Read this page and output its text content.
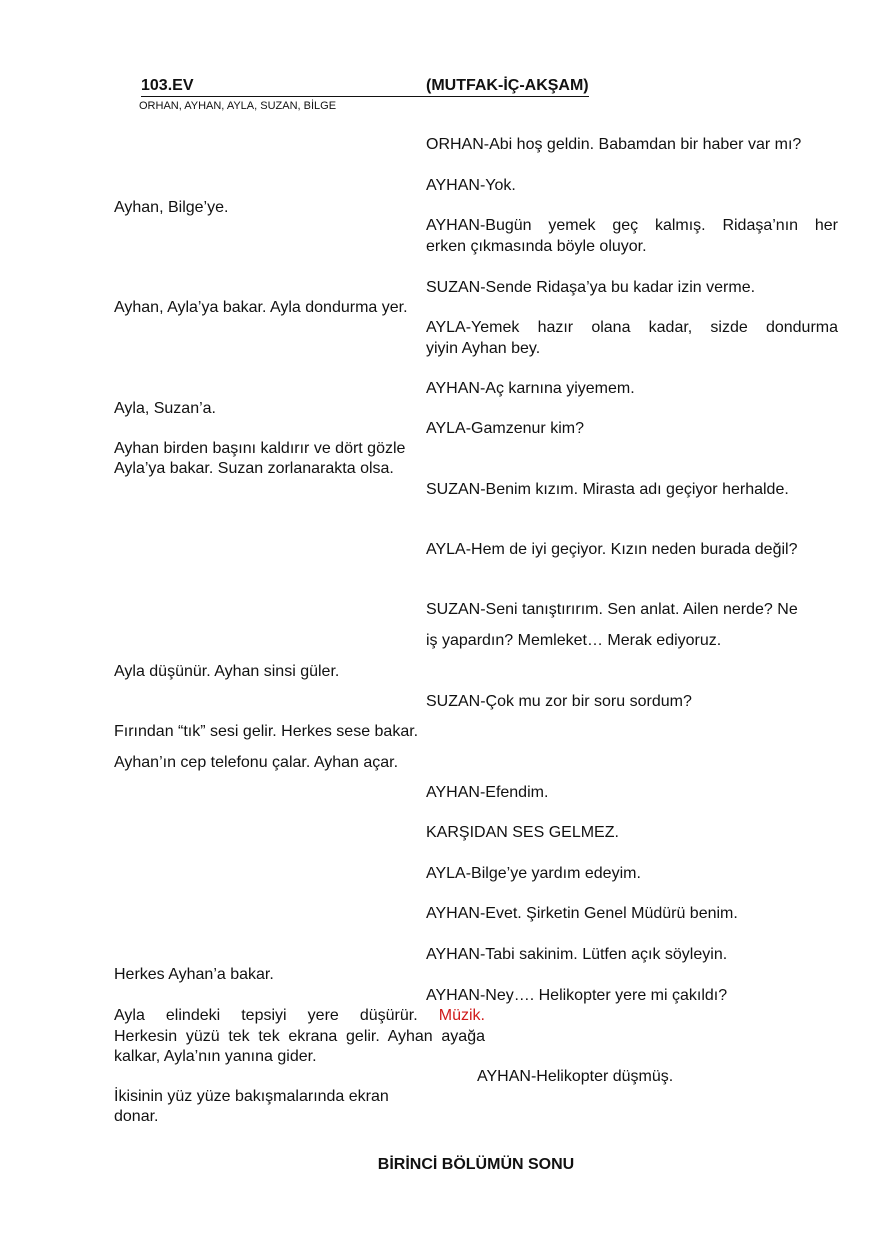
103.EV	(MUTFAK-İÇ-AKŞAM)
ORHAN, AYHAN, AYLA, SUZAN, BİLGE
ORHAN-Abi hoş geldin. Babamdan bir haber var mı?
AYHAN-Yok.
AYHAN-Bugün yemek geç kalmış. Ridaşa’nın her
erken çıkmasında böyle oluyor.
SUZAN-Sende Ridaşa’ya bu kadar izin verme.
AYLA-Yemek hazır olana kadar, sizde dondurma
yiyin Ayhan bey.
AYHAN-Aç karnına yiyemem.
AYLA-Gamzenur kim?
SUZAN-Benim kızım. Mirasta adı geçiyor herhalde.
AYLA-Hem de iyi geçiyor. Kızın neden burada değil?
SUZAN-Seni tanıştırırım. Sen anlat. Ailen nerde? Ne
iş yapardın? Memleket… Merak ediyoruz.
SUZAN-Çok mu zor bir soru sordum?
AYHAN-Efendim.
KARŞIDAN SES GELMEZ.
AYLA-Bilge’ye yardım edeyim.
AYHAN-Evet. Şirketin Genel Müdürü benim.
AYHAN-Tabi sakinim. Lütfen açık söyleyin.
AYHAN-Ney…. Helikopter yere mi çakıldı?
AYHAN-Helikopter düşmüş.
Ayhan, Bilge’ye.
Ayhan, Ayla’ya bakar. Ayla dondurma yer.
Ayla, Suzan’a.
Ayhan birden başını kaldırır ve dört gözle
Ayla’ya bakar. Suzan zorlanarakta olsa.
Ayla düşünür. Ayhan sinsi güler.
Fırından “tık” sesi gelir. Herkes sese bakar.
Ayhan’ın cep telefonu çalar. Ayhan açar.
Herkes Ayhan’a bakar.
Ayla elindeki tepsiyi yere düşürür. Müzik.
Herkesin yüzü tek tek ekrana gelir. Ayhan ayağa
kalkar, Ayla’nın yanına gider.
İkisinin yüz yüze bakışmalarında ekran
donar.
BİRİNCİ BÖLÜMÜN SONU
